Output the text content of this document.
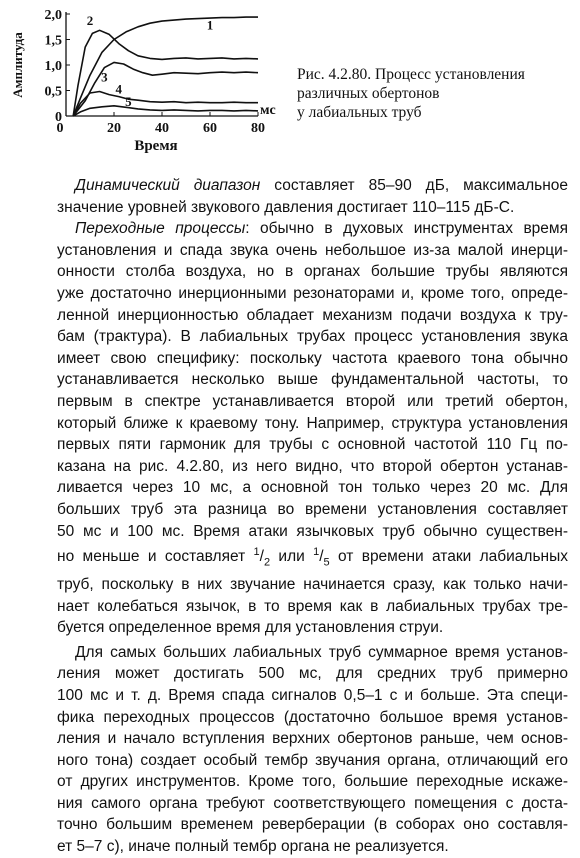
0
0,5
1,0
1,5
2,0
20 40 60 80
0
мс
Время
Амплитуда
1
2
3
4
5
Рис. 4.2.80. Процесс установления
различных обертонов
у лабиальных труб

Динамический диапазон составляет 85–90 дБ, максимальное
значение уровней звукового давления достигает 110–115 дБ-С.

Переходные процессы: обычно в духовых инструментах время
установления и спада звука очень небольшое из-за малой инерци-
онности столба воздуха, но в органах большие трубы являются
уже достаточно инерционными резонаторами и, кроме того, опреде-
ленной инерционностью обладает механизм подачи воздуха к тру-
бам (трактура). В лабиальных трубах процесс установления звука
имеет свою специфику: поскольку частота краевого тона обычно
устанавливается несколько выше фундаментальной частоты, то
первым в спектре устанавливается второй или третий обертон,
который ближе к краевому тону. Например, структура установления
первых пяти гармоник для трубы с основной частотой 110 Гц по-
казана на рис. 4.2.80, из него видно, что второй обертон устанав-
ливается через 10 мс, а основной тон только через 20 мс. Для
больших труб эта разница во времени установления составляет
50 мс и 100 мс. Время атаки язычковых труб обычно существен-
но меньше и составляет $^1/_2$ или $^1/_5$ от времени атаки лабиальных
труб, поскольку в них звучание начинается сразу, как только начи-
нает колебаться язычок, в то время как в лабиальных трубах тре-
буется определенное время для установления струи.

Для самых больших лабиальных труб суммарное время установ-
ления может достигать 500 мс, для средних труб примерно
100 мс и т. д. Время спада сигналов 0,5–1 с и больше. Эта специ-
фика переходных процессов (достаточно большое время установ-
ления и начало вступления верхних обертонов раньше, чем основ-
ного тона) создает особый тембр звучания органа, отличающий его
от других инструментов. Кроме того, большие переходные искаже-
ния самого органа требуют соответствующего помещения с доста-
точно большим временем реверберации (в соборах оно составля-
ет 5–7 с), иначе полный тембр органа не реализуется.
